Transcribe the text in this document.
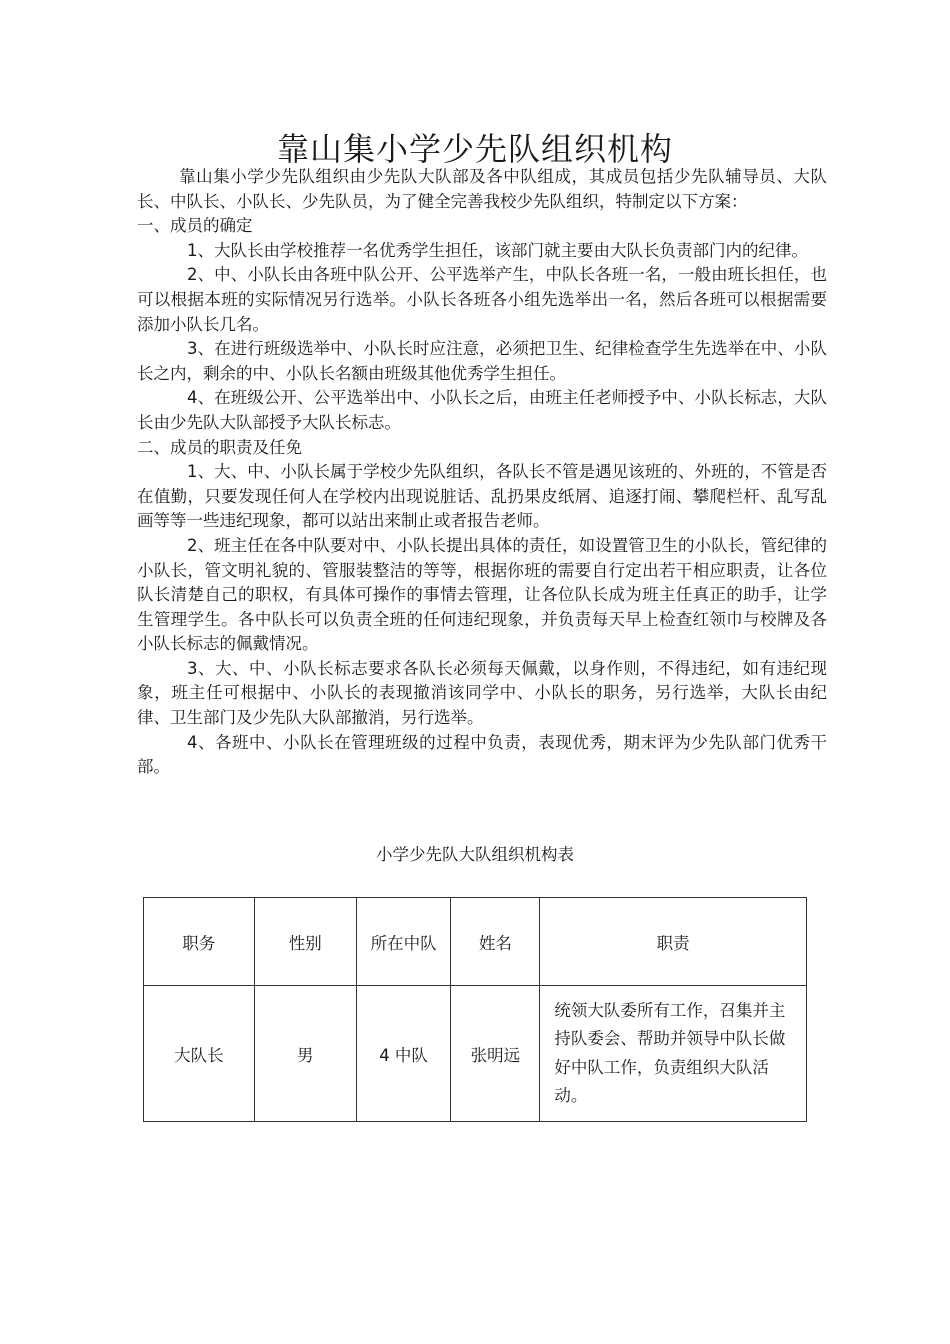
靠山集小学少先队组织机构

靠山集小学少先队组织由少先队大队部及各中队组成，其成员包括少先队辅导员、大队长、中队长、小队长、少先队员，为了健全完善我校少先队组织，特制定以下方案：

一、成员的确定

1、大队长由学校推荐一名优秀学生担任，该部门就主要由大队长负责部门内的纪律。

2、中、小队长由各班中队公开、公平选举产生，中队长各班一名，一般由班长担任，也可以根据本班的实际情况另行选举。小队长各班各小组先选举出一名，然后各班可以根据需要添加小队长几名。

3、在进行班级选举中、小队长时应注意，必须把卫生、纪律检查学生先选举在中、小队长之内，剩余的中、小队长名额由班级其他优秀学生担任。

4、在班级公开、公平选举出中、小队长之后，由班主任老师授予中、小队长标志，大队长由少先队大队部授予大队长标志。

二、成员的职责及任免

1、大、中、小队长属于学校少先队组织，各队长不管是遇见该班的、外班的，不管是否在值勤，只要发现任何人在学校内出现说脏话、乱扔果皮纸屑、追逐打闹、攀爬栏杆、乱写乱画等等一些违纪现象，都可以站出来制止或者报告老师。

2、班主任在各中队要对中、小队长提出具体的责任，如设置管卫生的小队长，管纪律的小队长，管文明礼貌的、管服装整洁的等等，根据你班的需要自行定出若干相应职责，让各位队长清楚自己的职权，有具体可操作的事情去管理，让各位队长成为班主任真正的助手，让学生管理学生。各中队长可以负责全班的任何违纪现象，并负责每天早上检查红领巾与校牌及各小队长标志的佩戴情况。

3、大、中、小队长标志要求各队长必须每天佩戴，以身作则，不得违纪，如有违纪现象，班主任可根据中、小队长的表现撤消该同学中、小队长的职务，另行选举，大队长由纪律、卫生部门及少先队大队部撤消，另行选举。

4、各班中、小队长在管理班级的过程中负责，表现优秀，期末评为少先队部门优秀干部。

小学少先队大队组织机构表
职务	性别	所在中队	姓名	职责
大队长	男	4 中队	张明远	统领大队委所有工作，召集并主持队委会、帮助并领导中队长做好中队工作，负责组织大队活动。
